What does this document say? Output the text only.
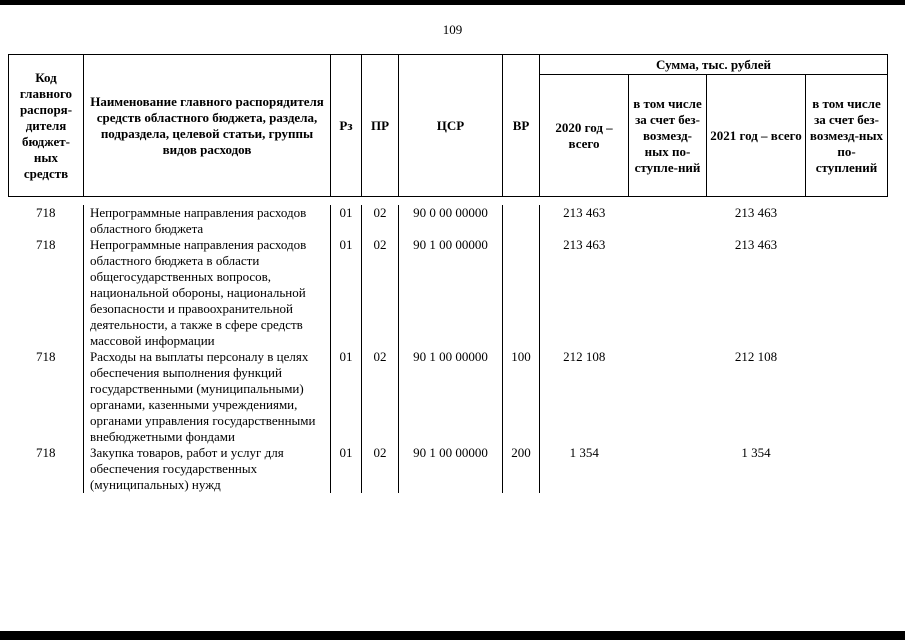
109
Код главного распоря-дителя бюджет-ных средств	Наименование главного распорядителя средств областного бюджета, раздела, подраздела, целевой статьи, группы видов расходов	Рз	ПР	ЦСР	ВР	Сумма, тыс. рублей			
						2020 год – всего	в том числе за счет без-возмезд-ных по-ступле-ний	2021 год – всего	в том числе за счет без-возмезд-ных по-ступлений

718	Непрограммные направления расходов областного бюджета	01	02	90 0 00 00000		213 463		213 463	
718	Непрограммные направления расходов областного бюджета в области общегосударственных вопросов, национальной обороны, национальной безопасности и правоохранительной деятельности, а также в сфере средств массовой информации	01	02	90 1 00 00000		213 463		213 463	
718	Расходы на выплаты персоналу в целях обеспечения выполнения функций государственными (муниципальными) органами, казенными учреждениями, органами управления государственными внебюджетными фондами	01	02	90 1 00 00000	100	212 108		212 108	
718	Закупка товаров, работ и услуг для обеспечения государственных (муниципальных) нужд	01	02	90 1 00 00000	200	1 354		1 354	
